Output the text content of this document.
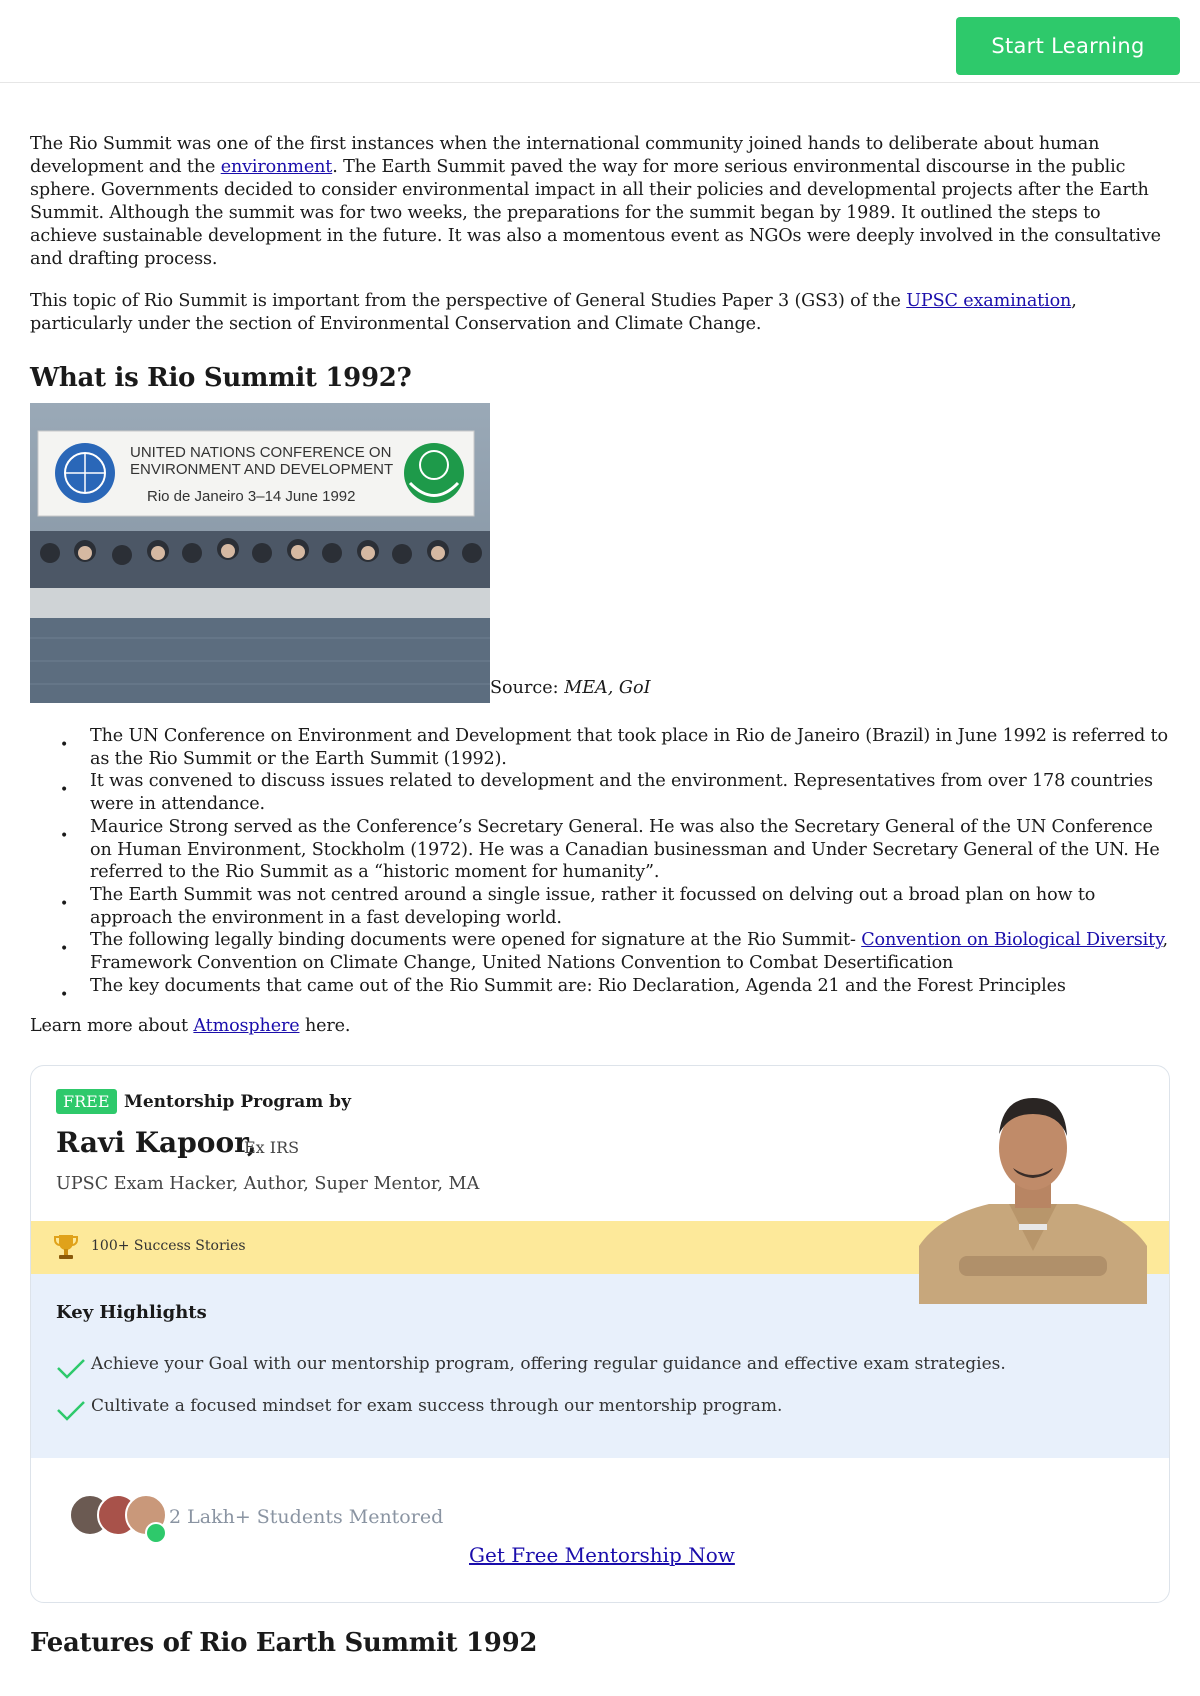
Start Learning

The Rio Summit was one of the first instances when the international community joined hands to deliberate about human development and the environment. The Earth Summit paved the way for more serious environmental discourse in the public sphere. Governments decided to consider environmental impact in all their policies and developmental projects after the Earth Summit. Although the summit was for two weeks, the preparations for the summit began by 1989. It outlined the steps to achieve sustainable development in the future. It was also a momentous event as NGOs were deeply involved in the consultative and drafting process.

This topic of Rio Summit is important from the perspective of General Studies Paper 3 (GS3) of the UPSC examination, particularly under the section of Environmental Conservation and Climate Change.

What is Rio Summit 1992?
UNITED NATIONS CONFERENCE ON
ENVIRONMENT AND DEVELOPMENT
Rio de Janeiro 3–14 June 1992
Source: MEA, GoI
• The UN Conference on Environment and Development that took place in Rio de Janeiro (Brazil) in June 1992 is referred to as the Rio Summit or the Earth Summit (1992).
• It was convened to discuss issues related to development and the environment. Representatives from over 178 countries were in attendance.
• Maurice Strong served as the Conference’s Secretary General. He was also the Secretary General of the UN Conference on Human Environment, Stockholm (1972). He was a Canadian businessman and Under Secretary General of the UN. He referred to the Rio Summit as a “historic moment for humanity”.
• The Earth Summit was not centred around a single issue, rather it focussed on delving out a broad plan on how to approach the environment in a fast developing world.
• The following legally binding documents were opened for signature at the Rio Summit- Convention on Biological Diversity, Framework Convention on Climate Change, United Nations Convention to Combat Desertification
• The key documents that came out of the Rio Summit are: Rio Declaration, Agenda 21 and the Forest Principles

Learn more about Atmosphere here.

FREE Mentorship Program by
Ravi Kapoor,
Ex IRS
UPSC Exam Hacker, Author, Super Mentor, MA
100+ Success Stories
Key Highlights
Achieve your Goal with our mentorship program, offering regular guidance and effective exam strategies.
Cultivate a focused mindset for exam success through our mentorship program.
2 Lakh+ Students Mentored
Get Free Mentorship Now
Features of Rio Earth Summit 1992
